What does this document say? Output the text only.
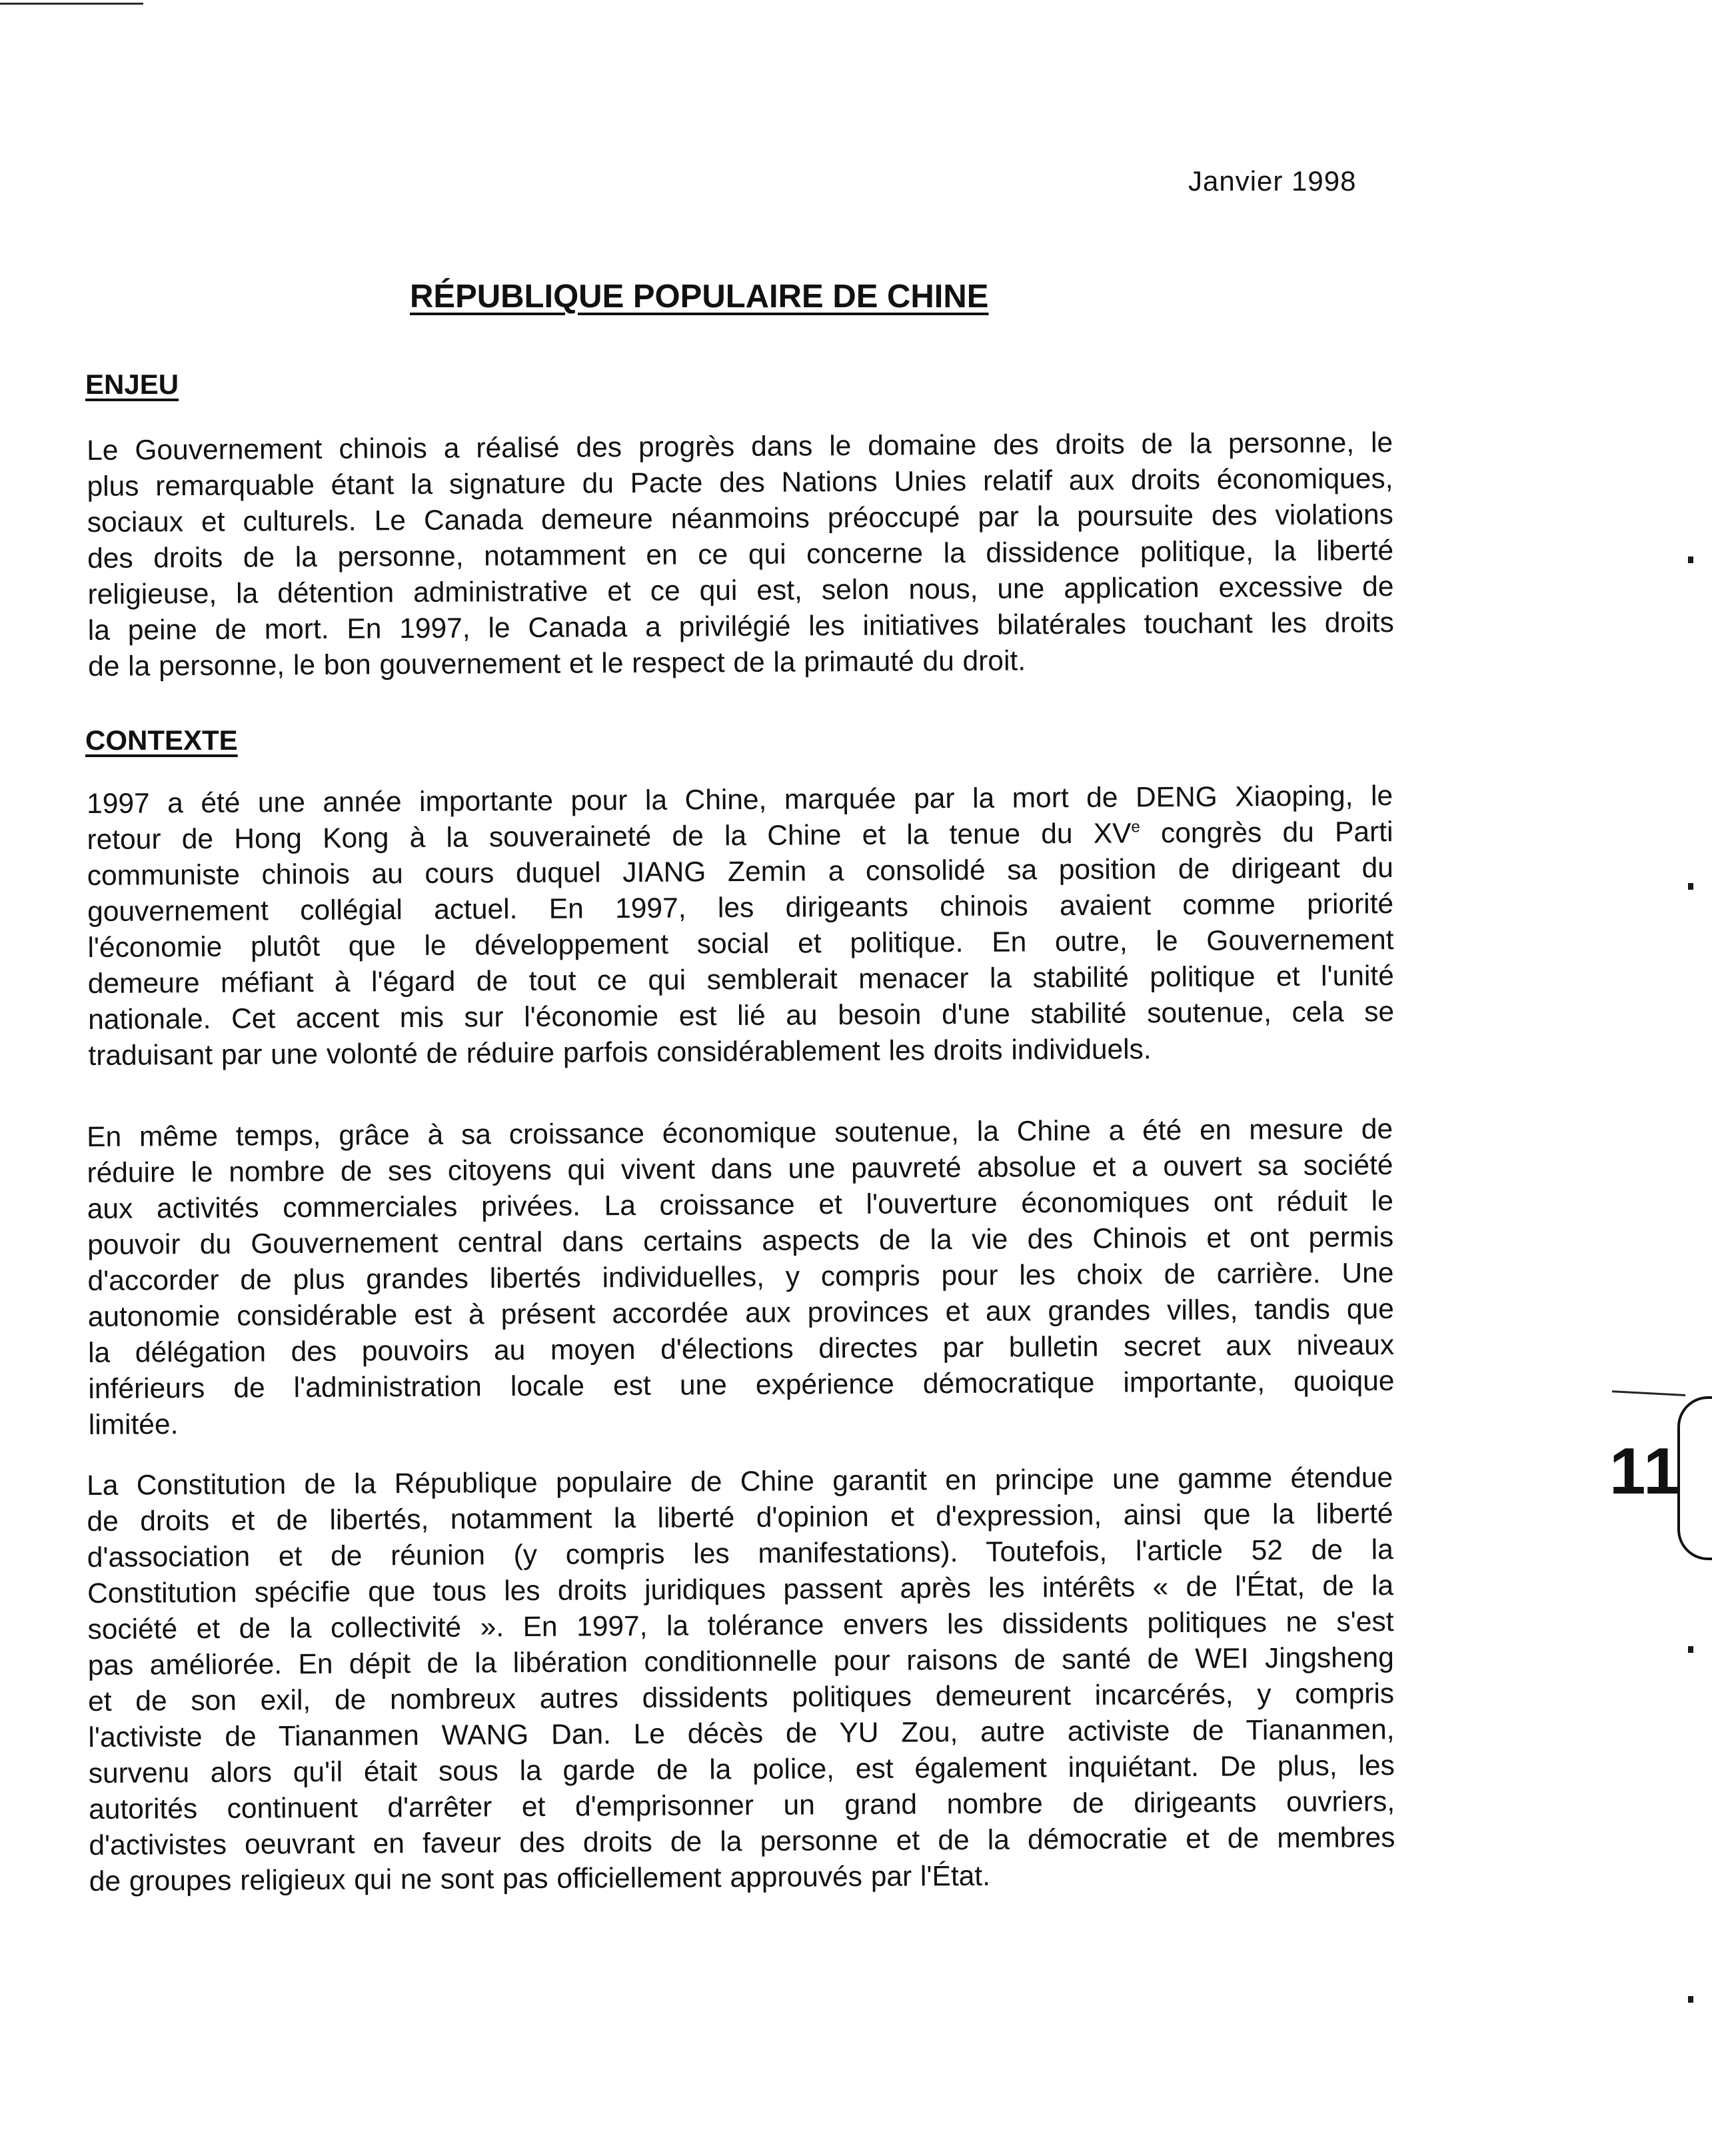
11
Janvier 1998
RÉPUBLIQUE POPULAIRE DE CHINE
ENJEU
Le Gouvernement chinois a réalisé des progrès dans le domaine des droits de la personne, le
plus remarquable étant la signature du Pacte des Nations Unies relatif aux droits économiques,
sociaux et culturels. Le Canada demeure néanmoins préoccupé par la poursuite des violations
des droits de la personne, notamment en ce qui concerne la dissidence politique, la liberté
religieuse, la détention administrative et ce qui est, selon nous, une application excessive de
la peine de mort. En 1997, le Canada a privilégié les initiatives bilatérales touchant les droits
de la personne, le bon gouvernement et le respect de la primauté du droit.
CONTEXTE
1997 a été une année importante pour la Chine, marquée par la mort de DENG Xiaoping, le
retour de Hong Kong à la souveraineté de la Chine et la tenue du XVe congrès du Parti
communiste chinois au cours duquel JIANG Zemin a consolidé sa position de dirigeant du
gouvernement collégial actuel. En 1997, les dirigeants chinois avaient comme priorité
l'économie plutôt que le développement social et politique. En outre, le Gouvernement
demeure méfiant à l'égard de tout ce qui semblerait menacer la stabilité politique et l'unité
nationale. Cet accent mis sur l'économie est lié au besoin d'une stabilité soutenue, cela se
traduisant par une volonté de réduire parfois considérablement les droits individuels.
En même temps, grâce à sa croissance économique soutenue, la Chine a été en mesure de
réduire le nombre de ses citoyens qui vivent dans une pauvreté absolue et a ouvert sa société
aux activités commerciales privées. La croissance et l'ouverture économiques ont réduit le
pouvoir du Gouvernement central dans certains aspects de la vie des Chinois et ont permis
d'accorder de plus grandes libertés individuelles, y compris pour les choix de carrière. Une
autonomie considérable est à présent accordée aux provinces et aux grandes villes, tandis que
la délégation des pouvoirs au moyen d'élections directes par bulletin secret aux niveaux
inférieurs de l'administration locale est une expérience démocratique importante, quoique
limitée.
La Constitution de la République populaire de Chine garantit en principe une gamme étendue
de droits et de libertés, notamment la liberté d'opinion et d'expression, ainsi que la liberté
d'association et de réunion (y compris les manifestations). Toutefois, l'article 52 de la
Constitution spécifie que tous les droits juridiques passent après les intérêts « de l'État, de la
société et de la collectivité ». En 1997, la tolérance envers les dissidents politiques ne s'est
pas améliorée. En dépit de la libération conditionnelle pour raisons de santé de WEI Jingsheng
et de son exil, de nombreux autres dissidents politiques demeurent incarcérés, y compris
l'activiste de Tiananmen WANG Dan. Le décès de YU Zou, autre activiste de Tiananmen,
survenu alors qu'il était sous la garde de la police, est également inquiétant. De plus, les
autorités continuent d'arrêter et d'emprisonner un grand nombre de dirigeants ouvriers,
d'activistes oeuvrant en faveur des droits de la personne et de la démocratie et de membres
de groupes religieux qui ne sont pas officiellement approuvés par l'État.
